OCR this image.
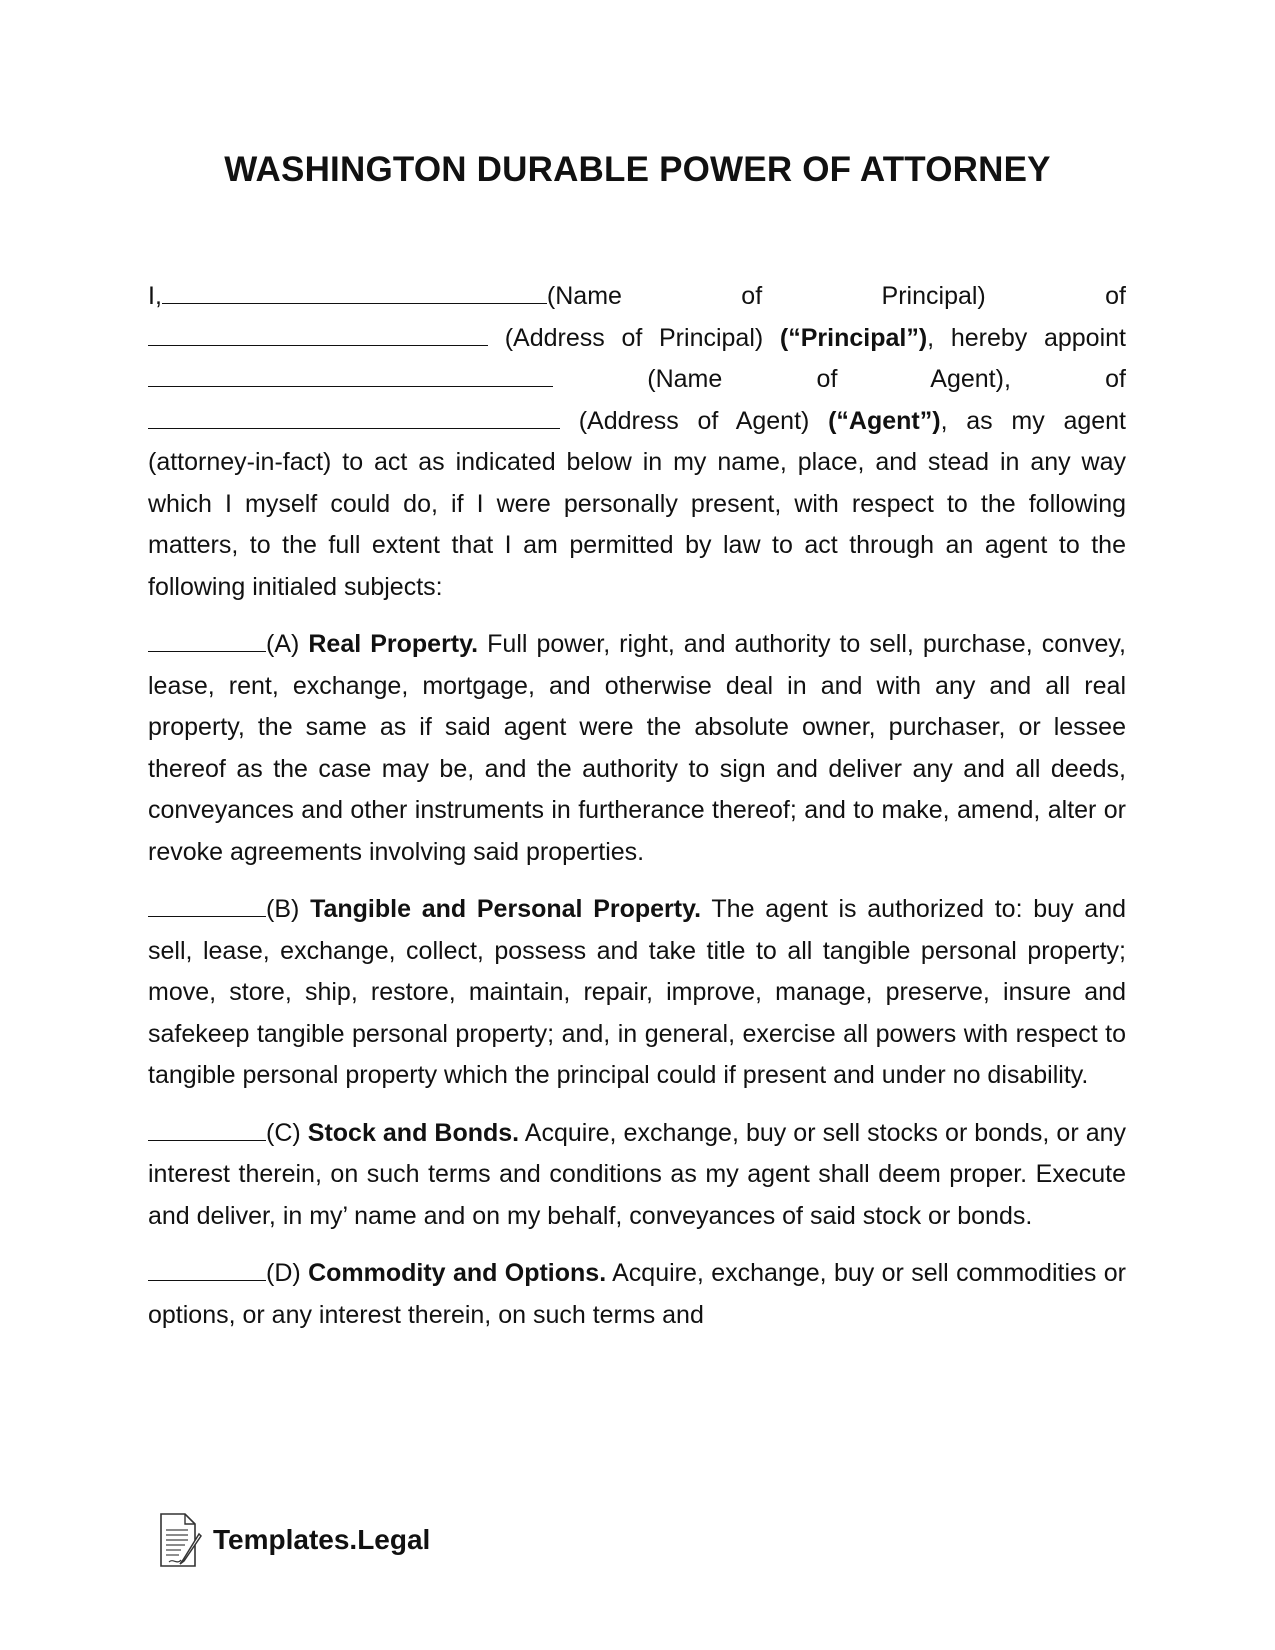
WASHINGTON DURABLE POWER OF ATTORNEY

I,	(Name of Principal) of  (Address of Principal) (“Principal”), hereby appoint  (Name of Agent), of  (Address of Agent) (“Agent”), as my agent (attorney-in-fact) to act as indicated below in my name, place, and stead in any way which I myself could do, if I were personally present, with respect to the following matters, to the full extent that I am permitted by law to act through an agent to the following initialed subjects:

(A) Real Property. Full power, right, and authority to sell, purchase, convey, lease, rent, exchange, mortgage, and otherwise deal in and with any and all real property, the same as if said agent were the absolute owner, purchaser, or lessee thereof as the case may be, and the authority to sign and deliver any and all deeds, conveyances and other instruments in furtherance thereof; and to make, amend, alter or revoke agreements involving said properties.

(B) Tangible and Personal Property. The agent is authorized to: buy and sell, lease, exchange, collect, possess and take title to all tangible personal property; move, store, ship, restore, maintain, repair, improve, manage, preserve, insure and safekeep tangible personal property; and, in general, exercise all powers with respect to tangible personal property which the principal could if present and under no disability.

(C) Stock and Bonds. Acquire, exchange, buy or sell stocks or bonds, or any interest therein, on such terms and conditions as my agent shall deem proper. Execute and deliver, in my’ name and on my behalf, conveyances of said stock or bonds.

(D) Commodity and Options. Acquire, exchange, buy or sell commodities or options, or any interest therein, on such terms and

Templates.Legal
